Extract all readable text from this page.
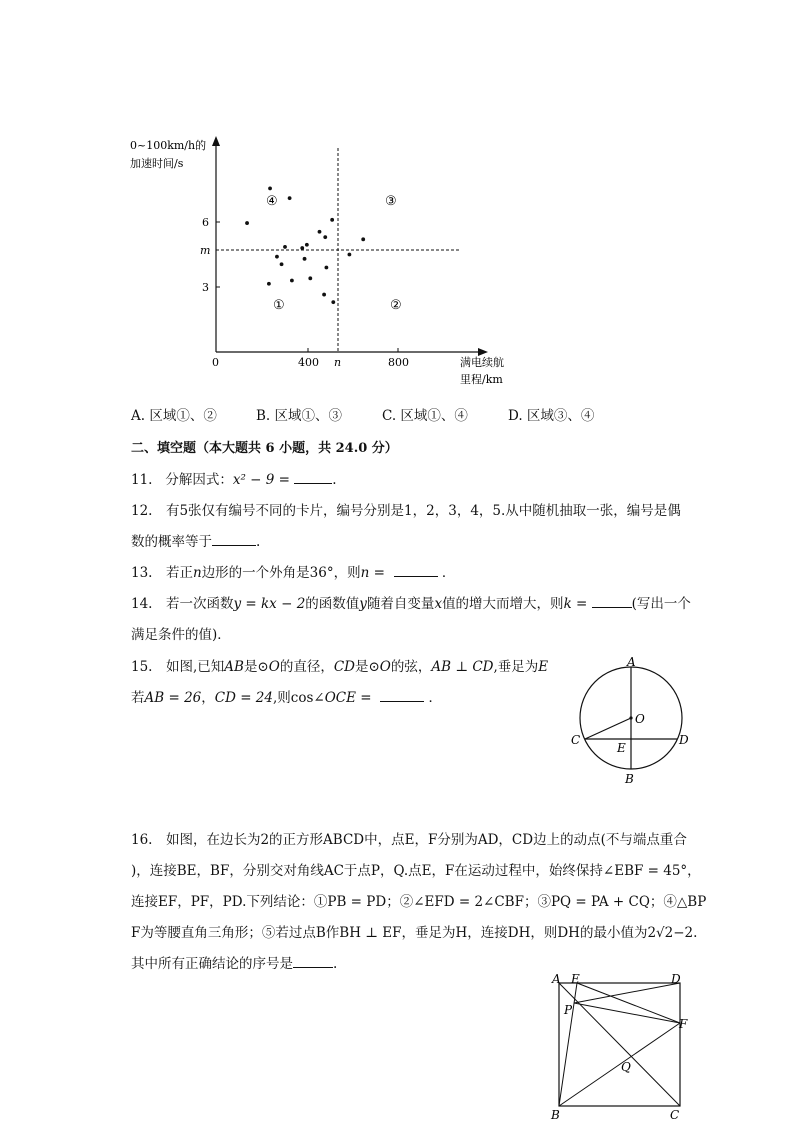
0~100km/h的
加速时间/s
满电续航
里程/km
0	400 n	800
6
m
3
④	③
①	②
A. 区域①、②	B. 区域①、③	C. 区域①、④	D. 区域③、④
二、填空题（本大题共 6 小题，共 24.0 分）
11. 分解因式：x² − 9 =	.
12.　有5张仅有编号不同的卡片，编号分别是1，2，3，4，5.从中随机抽取一张，编号是偶
数的概率等于	.
13.　若正n边形的一个外角是36°，则n =	．
14.　若一次函数y = kx − 2的函数值y随着自变量x值的增大而增大，则k =	(写出一个
满足条件的值)．
15.　如图,已知AB是⊙O的直径，CD是⊙O的弦，AB ⊥ CD,垂足为E
若AB = 26，CD = 24,则cos∠OCE =	．
A
B
C	D
O
E
16.　如图，在边长为2的正方形ABCD中，点E，F分别为AD，CD边上的动点(不与端点重合
)，连接BE，BF，分别交对角线AC于点P，Q.点E，F在运动过程中，始终保持∠EBF = 45°，
连接EF，PF，PD.下列结论：①PB = PD；②∠EFD = 2∠CBF；③PQ = PA + CQ；④△BP
F为等腰直角三角形；⑤若过点B作BH ⊥ EF，垂足为H，连接DH，则DH的最小值为2√2−2.
其中所有正确结论的序号是	.
A E	D
P
F
Q
B	C
